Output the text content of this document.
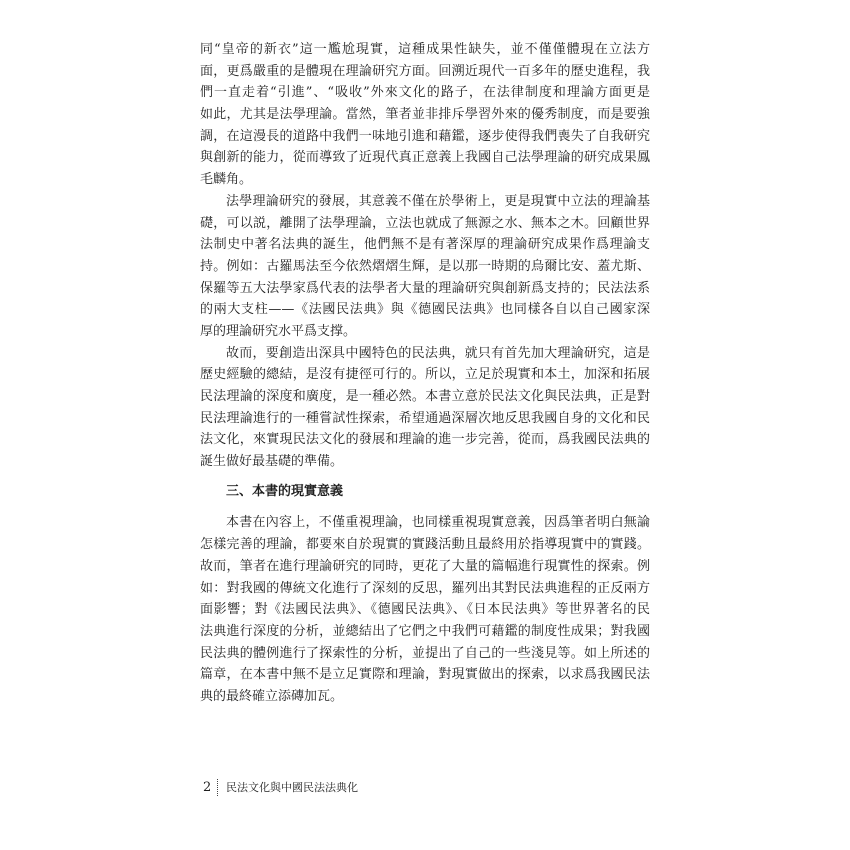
同“皇帝的新衣”這一尷尬現實，這種成果性缺失，並不僅僅體現在立法方
面，更爲嚴重的是體現在理論研究方面。回溯近現代一百多年的歷史進程，我
們一直走着“引進”、“吸收”外來文化的路子，在法律制度和理論方面更是
如此，尤其是法學理論。當然，筆者並非排斥學習外來的優秀制度，而是要強
調，在這漫長的道路中我們一味地引進和藉鑑，逐步使得我們喪失了自我研究
與創新的能力，從而導致了近現代真正意義上我國自己法學理論的研究成果鳳
毛麟角。
法學理論研究的發展，其意義不僅在於學術上，更是現實中立法的理論基
礎，可以説，離開了法學理論，立法也就成了無源之水、無本之木。回顧世界
法制史中著名法典的誕生，他們無不是有著深厚的理論研究成果作爲理論支
持。例如：古羅馬法至今依然熠熠生輝，是以那一時期的烏爾比安、蓋尤斯、
保羅等五大法學家爲代表的法學者大量的理論研究與創新爲支持的；民法法系
的兩大支柱——《法國民法典》與《德國民法典》也同樣各自以自己國家深
厚的理論研究水平爲支撑。
故而，要創造出深具中國特色的民法典，就只有首先加大理論研究，這是
歷史經驗的總結，是沒有捷徑可行的。所以，立足於現實和本土，加深和拓展
民法理論的深度和廣度，是一種必然。本書立意於民法文化與民法典，正是對
民法理論進行的一種嘗試性探索，希望通過深層次地反思我國自身的文化和民
法文化，來實現民法文化的發展和理論的進一步完善，從而，爲我國民法典的
誕生做好最基礎的準備。
三、本書的現實意義
本書在內容上，不僅重視理論，也同樣重視現實意義，因爲筆者明白無論
怎樣完善的理論，都要來自於現實的實踐活動且最終用於指導現實中的實踐。
故而，筆者在進行理論研究的同時，更花了大量的篇幅進行現實性的探索。例
如：對我國的傳統文化進行了深刻的反思，羅列出其對民法典進程的正反兩方
面影響；對《法國民法典》、《德國民法典》、《日本民法典》等世界著名的民
法典進行深度的分析，並總結出了它們之中我們可藉鑑的制度性成果；對我國
民法典的體例進行了探索性的分析，並提出了自己的一些淺見等。如上所述的
篇章，在本書中無不是立足實際和理論，對現實做出的探索，以求爲我國民法
典的最終確立添磚加瓦。
2 民法文化與中國民法法典化
